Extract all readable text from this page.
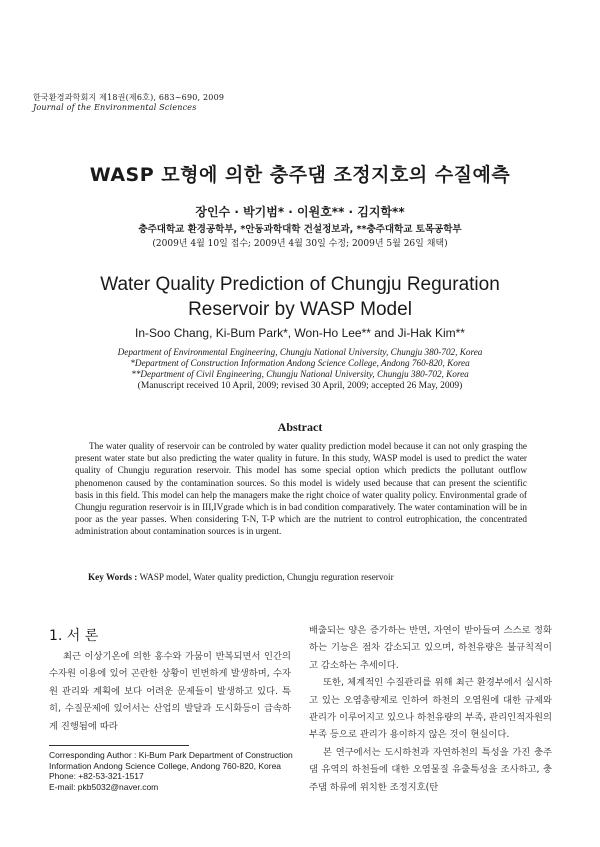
한국환경과학회지 제18권(제6호), 683~690, 2009
Journal of the Environmental Sciences
WASP 모형에 의한 충주댐 조정지호의 수질예측
장인수 · 박기범* · 이원호** · 김지학**
충주대학교 환경공학부, *안동과학대학 건설정보과, **충주대학교 토목공학부
(2009년 4월 10일 접수; 2009년 4월 30일 수정; 2009년 5월 26일 채택)
Water Quality Prediction of Chungju Reguration
Reservoir by WASP Model
In-Soo Chang, Ki-Bum Park*, Won-Ho Lee** and Ji-Hak Kim**
Department of Environmental Engineering, Chungju National University, Chungju 380-702, Korea
*Department of Construction Information Andong Science College, Andong 760-820, Korea
**Department of Civil Engineering, Chungju National University, Chungju 380-702, Korea
(Manuscript received 10 April, 2009; revised 30 April, 2009; accepted 26 May, 2009)
Abstract

The water quality of reservoir can be controled by water quality prediction model because it can not only grasping the present water state but also predicting the water quality in future. In this study, WASP model is used to predict the water quality of Chungju reguration reservoir. This model has some special option which predicts the pollutant outflow phenomenon caused by the contamination sources. So this model is widely used because that can present the scientific basis in this field. This model can help the managers make the right choice of water quality policy. Environmental grade of Chungju reguration reservoir is in III,IVgrade which is in bad condition comparatively. The water contamination will be in poor as the year passes. When considering T-N, T-P which are the nutrient to control eutrophication, the concentrated administration about contamination sources is in urgent.

Key Words : WASP model, Water quality prediction, Chungju reguration reservoir
1. 서 론

최근 이상기온에 의한 홍수와 가뭄이 반복되면서 인간의 수자원 이용에 있어 곤란한 상황이 빈번하게 발생하며, 수자원 관리와 계획에 보다 어려운 문제들이 발생하고 있다. 특히, 수질문제에 있어서는 산업의 발달과 도시화등이 급속하게 진행됨에 따라

배출되는 양은 증가하는 반면, 자연이 받아들여 스스로 정화하는 기능은 점차 감소되고 있으며, 하천유량은 불규칙적이고 감소하는 추세이다.

또한, 체계적인 수질관리를 위해 최근 환경부에서 실시하고 있는 오염총량제로 인하여 하천의 오염원에 대한 규제와 관리가 이루어지고 있으나 하천유량의 부족, 관리인적자원의 부족 등으로 관리가 용이하지 않은 것이 현실이다.

본 연구에서는 도시하천과 자연하천의 특성을 가진 충주댐 유역의 하천들에 대한 오염물질 유출특성을 조사하고, 충주댐 하류에 위치한 조정지호(탄

Corresponding Author : Ki-Bum Park Department of Construction Information Andong Science College, Andong 760-820, Korea
Phone: +82-53-321-1517
E-mail: pkb5032@naver.com
